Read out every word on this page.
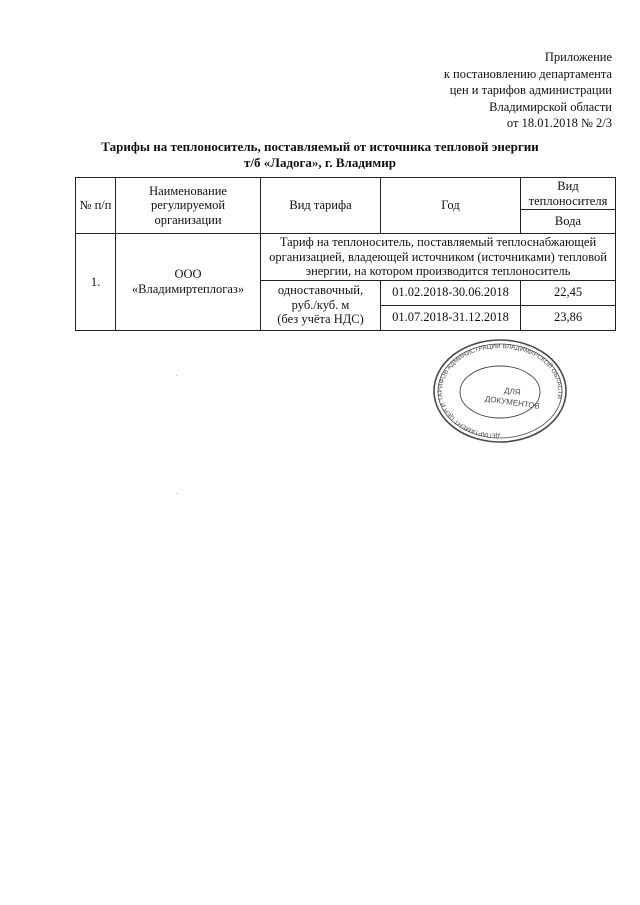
Приложение
к постановлению департамента
цен и тарифов администрации
Владимирской области
от 18.01.2018 № 2/3
Тарифы на теплоноситель, поставляемый от источника тепловой энергии
т/б «Ладога», г. Владимир
№ п/п	Наименование регулируемой организации	Вид тарифа	Год	Вид теплоносителя
				Вода
1.	ООО
«Владимиртеплогаз»	Тариф на теплоноситель, поставляемый теплоснабжающей организацией, владеющей источником (источниками) тепловой энергии, на котором производится теплоноситель		

		одноставочный,
руб./куб. м
(без учёта НДС)	01.02.2018-30.06.2018	22,45
			01.07.2018-31.12.2018	23,86
ДЕПАРТАМЕНТ ЦЕН И ТАРИФОВ АДМИНИСТРАЦИИ ВЛАДИМИРСКОЙ ОБЛАСТИ
ДЛЯ
ДОКУМЕНТОВ
